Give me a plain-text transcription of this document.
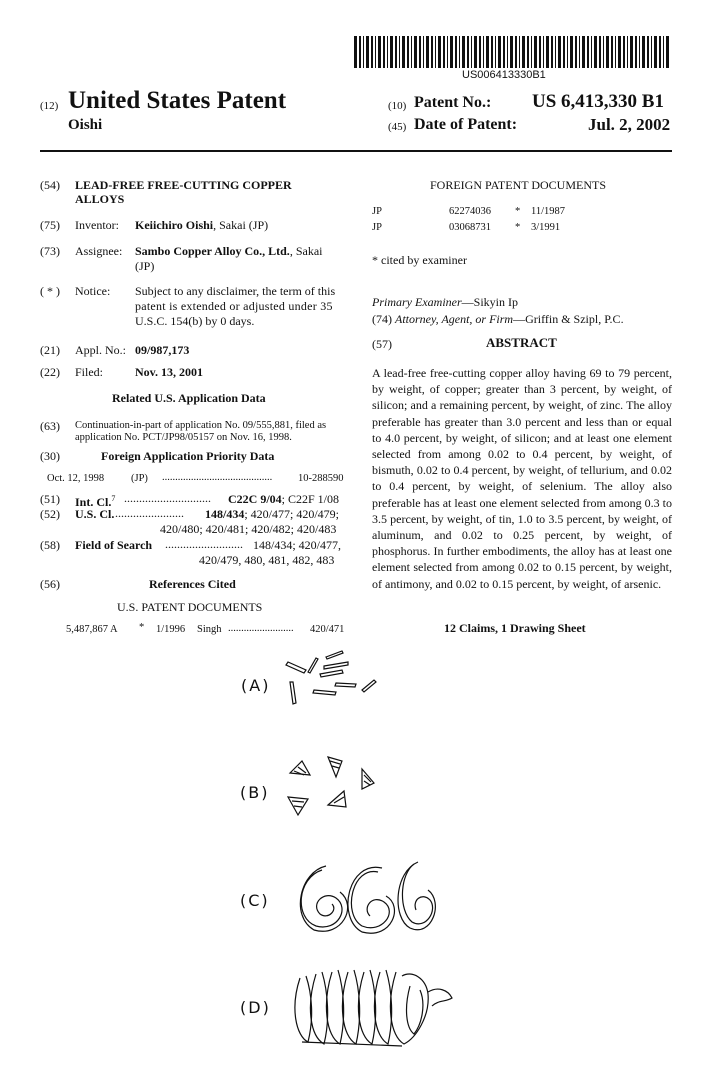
US006413330B1
(12) United States Patent
Oishi
(10) Patent No.: US 6,413,330 B1
(45) Date of Patent:	Jul. 2, 2002
(54) LEAD-FREE FREE-CUTTING COPPER
ALLOYS
(75) Inventor: Keiichiro Oishi, Sakai (JP)
(73) Assignee: Sambo Copper Alloy Co., Ltd., Sakai
(JP)
( * ) Notice: Subject to any disclaimer, the term of this
patent is extended or adjusted under 35
U.S.C. 154(b) by 0 days.
(21) Appl. No.: 09/987,173
(22) Filed:	Nov. 13, 2001
Related U.S. Application Data
(63) Continuation-in-part of application No. 09/555,881, filed as
application No. PCT/JP98/05157 on Nov. 16, 1998.
(30)	Foreign Application Priority Data
Oct. 12, 1998	(JP) .......................................... 10-288590
(51) Int. Cl.$^7$ ............................. C22C 9/04; C22F 1/08
(52) U.S. Cl. ....................... 148/434; 420/477; 420/479;
420/480; 420/481; 420/482; 420/483
(58) Field of Search .......................... 148/434; 420/477,
420/479, 480, 481, 482, 483
(56)	References Cited
U.S. PATENT DOCUMENTS
5,487,867 A * 1/1996 Singh ......................... 420/471
FOREIGN PATENT DOCUMENTS
JP	62274036 * 11/1987
JP	03068731 * 3/1991
* cited by examiner
Primary Examiner—Sikyin Ip
(74) Attorney, Agent, or Firm—Griffin & Szipl, P.C.
(57)	ABSTRACT
A lead-free free-cutting copper alloy having 69 to 79 percent, by weight, of copper; greater than 3 percent, by weight, of silicon; and a remaining percent, by weight, of zinc. The alloy preferable has greater than 3.0 percent and less than or equal to 4.0 percent, by weight, of silicon; and at least one element selected from among 0.02 to 0.4 percent, by weight, of bismuth, 0.02 to 0.4 percent, by weight, of tellurium, and 0.02 to 0.4 percent, by weight, of selenium. The alloy also preferable has at least one element selected from among 0.3 to 3.5 percent, by weight, of tin, 1.0 to 3.5 percent, by weight, of aluminum, and 0.02 to 0.25 percent, by weight, of phosphorus. In further embodiments, the alloy has at least one element selected from among 0.02 to 0.15 percent, by weight, of antimony, and 0.02 to 0.15 percent, by weight, of arsenic.
12 Claims, 1 Drawing Sheet
(A)
(B)
(C)
(D)
